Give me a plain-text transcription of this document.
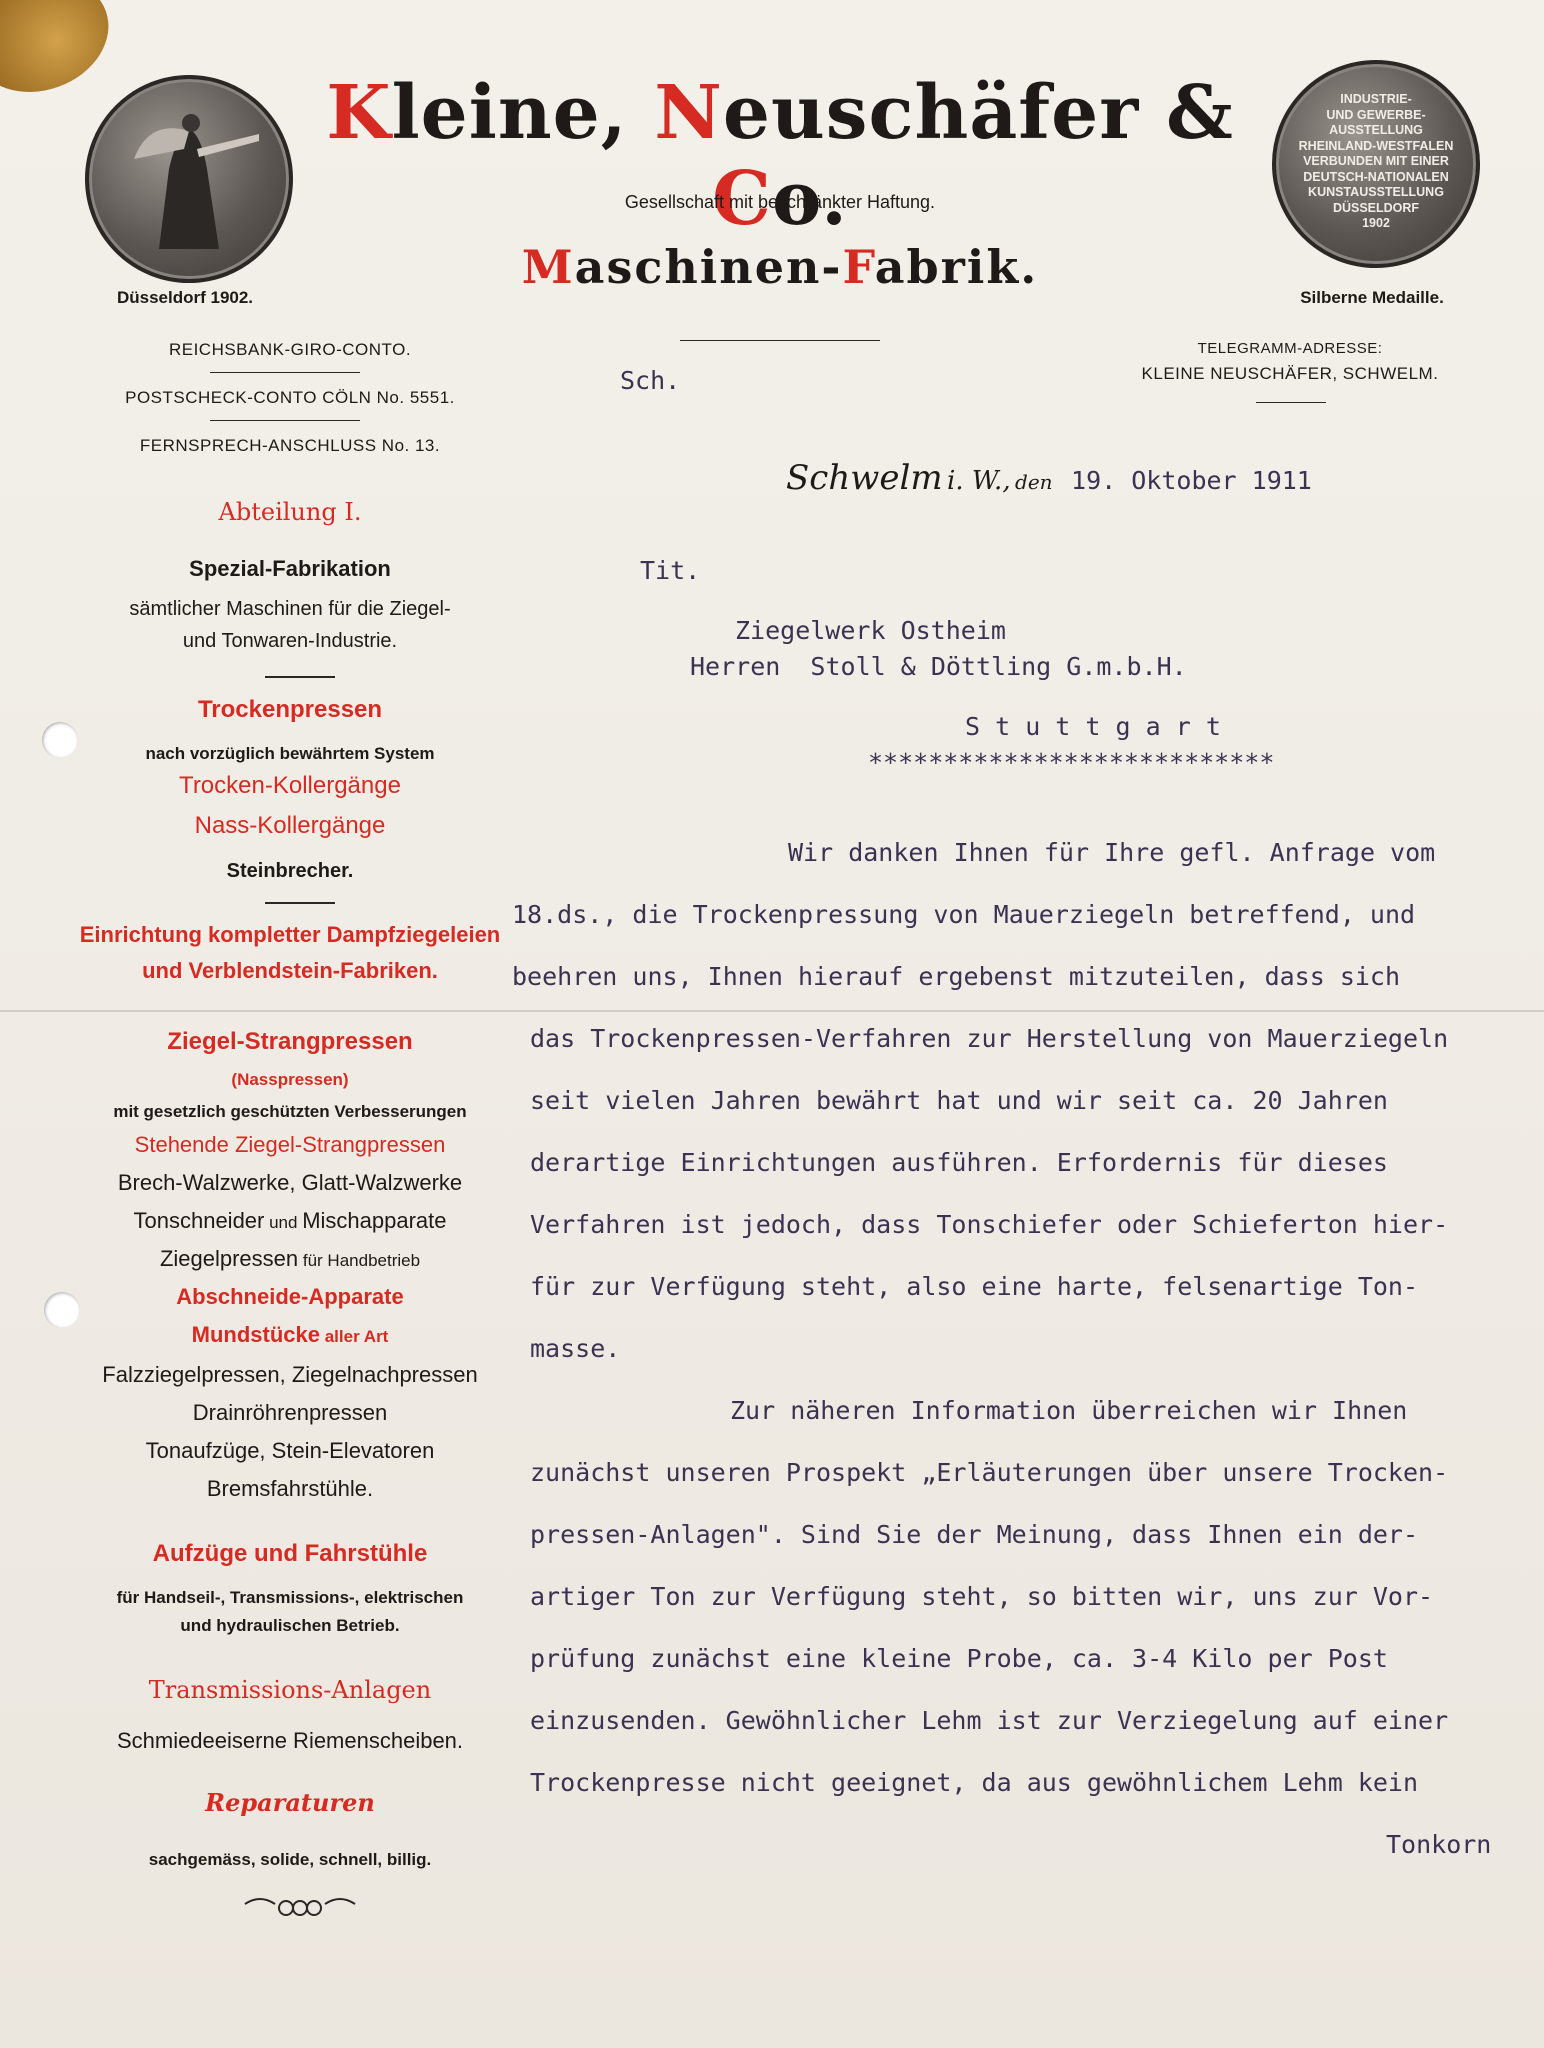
Düsseldorf 1902.
INDUSTRIE-
UND GEWERBE-
AUSSTELLUNG
RHEINLAND-WESTFALEN
VERBUNDEN MIT EINER
DEUTSCH-NATIONALEN
KUNSTAUSSTELLUNG
DÜSSELDORF
1902
Silberne Medaille.
Kleine, Neuschäfer & Co.
Gesellschaft mit beschränkter Haftung.
Maschinen-Fabrik.
Sch.
REICHSBANK-GIRO-CONTO.
POSTSCHECK-CONTO CÖLN No. 5551.
FERNSPRECH-ANSCHLUSS No. 13.
TELEGRAMM-ADRESSE:
KLEINE NEUSCHÄFER, SCHWELM.
Abteilung I.
Spezial-Fabrikation
sämtlicher Maschinen für die Ziegel-
und Tonwaren-Industrie.
Trockenpressen
nach vorzüglich bewährtem System
Trocken-Kollergänge
Nass-Kollergänge
Steinbrecher.
Einrichtung kompletter Dampfziegeleien
und Verblendstein-Fabriken.
Ziegel-Strangpressen
(Nasspressen)
mit gesetzlich geschützten Verbesserungen
Stehende Ziegel-Strangpressen
Brech-Walzwerke, Glatt-Walzwerke
Tonschneider und Mischapparate
Ziegelpressen für Handbetrieb
Abschneide-Apparate
Mundstücke aller Art
Falzziegelpressen, Ziegelnachpressen
Drainröhrenpressen
Tonaufzüge, Stein-Elevatoren
Bremsfahrstühle.
Aufzüge und Fahrstühle
für Handseil-, Transmissions-, elektrischen
und hydraulischen Betrieb.
Transmissions-Anlagen
Schmiedeeiserne Riemenscheiben.
Reparaturen
sachgemäss, solide, schnell, billig.
Schwelm i. W., den 19. Oktober 1911
Tit.
Ziegelwerk Ostheim
Herren  Stoll & Döttling G.m.b.H.
S t u t t g a r t
***************************
Wir danken Ihnen für Ihre gefl. Anfrage vom
18.ds., die Trockenpressung von Mauerziegeln betreffend, und
beehren uns, Ihnen hierauf ergebenst mitzuteilen, dass sich
das Trockenpressen-Verfahren zur Herstellung von Mauerziegeln
seit vielen Jahren bewährt hat und wir seit ca. 20 Jahren
derartige Einrichtungen ausführen. Erfordernis für dieses
Verfahren ist jedoch, dass Tonschiefer oder Schieferton hier-
für zur Verfügung steht, also eine harte, felsenartige Ton-
masse.
Zur näheren Information überreichen wir Ihnen
zunächst unseren Prospekt „Erläuterungen über unsere Trocken-
pressen-Anlagen". Sind Sie der Meinung, dass Ihnen ein der-
artiger Ton zur Verfügung steht, so bitten wir, uns zur Vor-
prüfung zunächst eine kleine Probe, ca. 3-4 Kilo per Post
einzusenden. Gewöhnlicher Lehm ist zur Verziegelung auf einer
Trockenpresse nicht geeignet, da aus gewöhnlichem Lehm kein
Tonkorn
